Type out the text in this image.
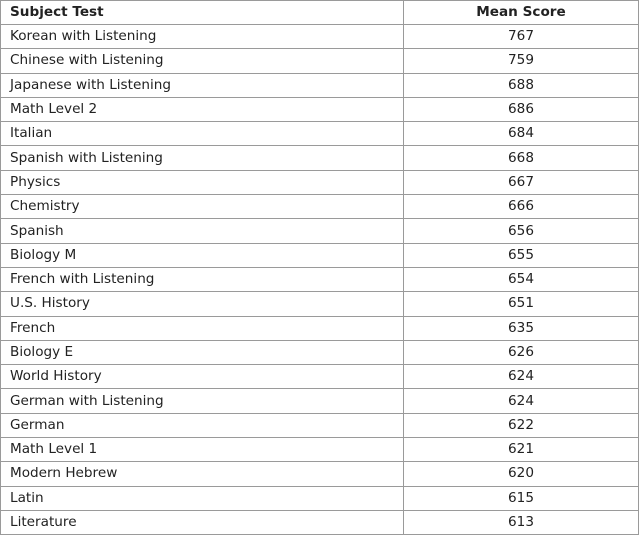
Subject Test	Mean Score
Korean with Listening	767
Chinese with Listening	759
Japanese with Listening	688
Math Level 2	686
Italian	684
Spanish with Listening	668
Physics	667
Chemistry	666
Spanish	656
Biology M	655
French with Listening	654
U.S. History	651
French	635
Biology E	626
World History	624
German with Listening	624
German	622
Math Level 1	621
Modern Hebrew	620
Latin	615
Literature	613
